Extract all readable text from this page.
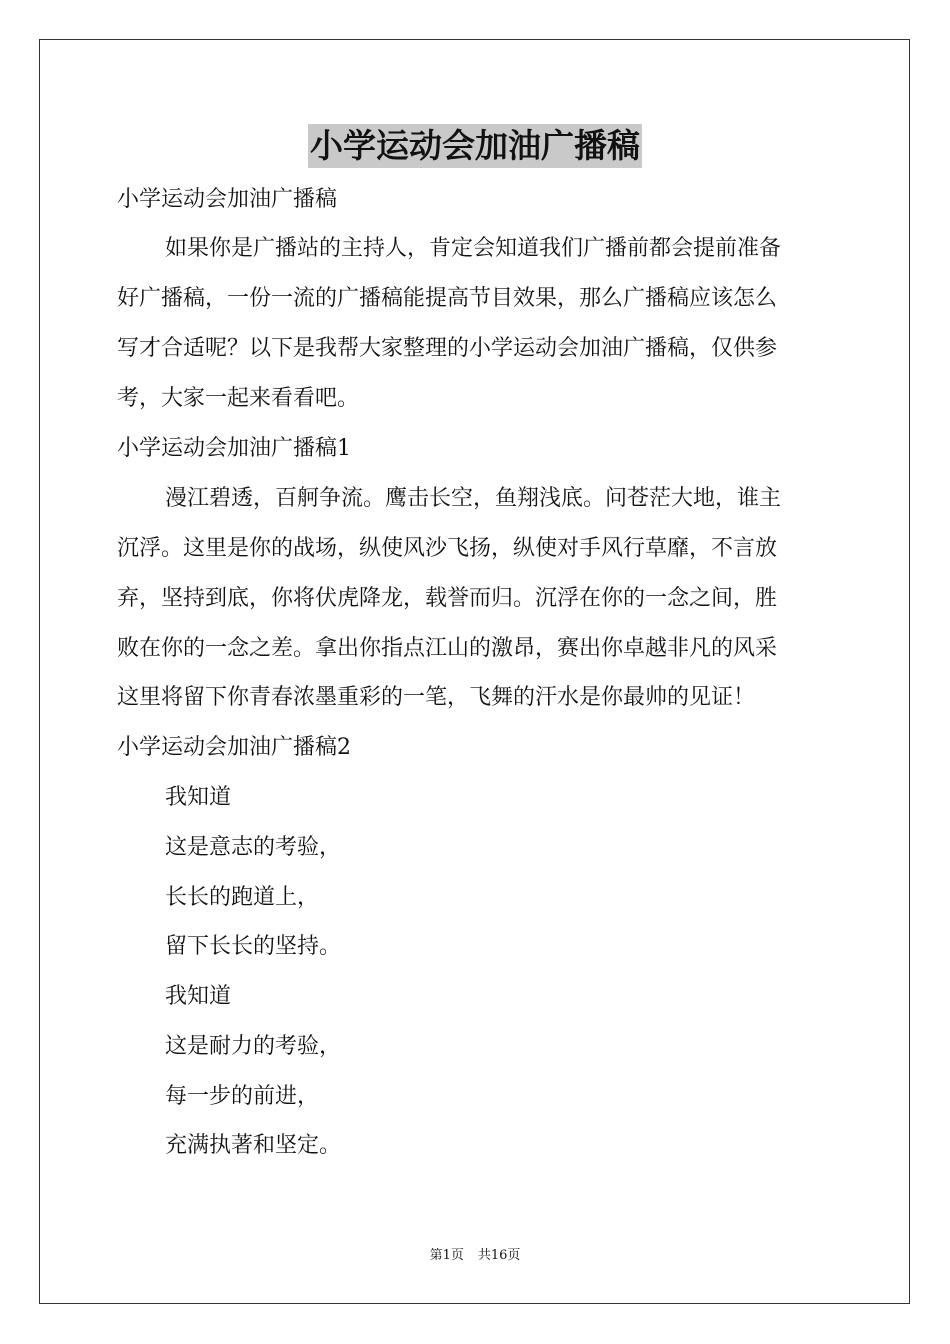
小学运动会加油广播稿
小学运动会加油广播稿
如果你是广播站的主持人，肯定会知道我们广播前都会提前准备
好广播稿，一份一流的广播稿能提高节目效果，那么广播稿应该怎么
写才合适呢？以下是我帮大家整理的小学运动会加油广播稿，仅供参
考，大家一起来看看吧。
小学运动会加油广播稿1
漫江碧透，百舸争流。鹰击长空，鱼翔浅底。问苍茫大地，谁主
沉浮。这里是你的战场，纵使风沙飞扬，纵使对手风行草靡，不言放
弃，坚持到底，你将伏虎降龙，载誉而归。沉浮在你的一念之间，胜
败在你的一念之差。拿出你指点江山的激昂，赛出你卓越非凡的风采
这里将留下你青春浓墨重彩的一笔，飞舞的汗水是你最帅的见证！
小学运动会加油广播稿2
我知道
这是意志的考验，
长长的跑道上，
留下长长的坚持。
我知道
这是耐力的考验，
每一步的前进，
充满执著和坚定。
第1页 共16页
